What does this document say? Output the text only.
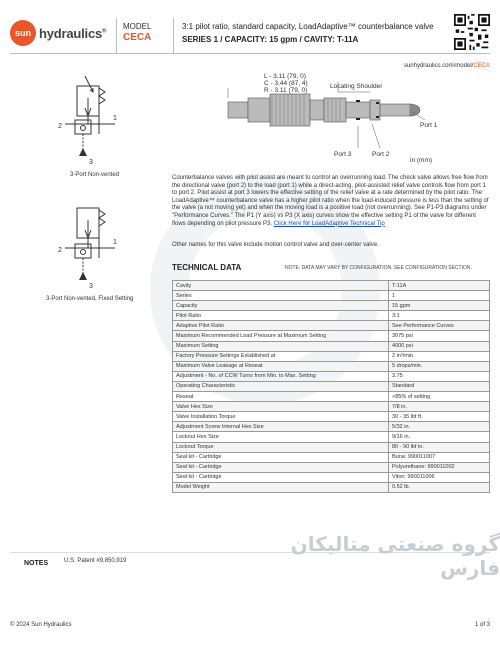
sun hydraulics®
MODEL
CECA
3:1 pilot ratio, standard capacity, LoadAdaptive™ counterbalance valve
SERIES 1 / CAPACITY: 15 gpm / CAVITY: T-11A
sunhydraulics.com/model/CECA
2
1
3
3-Port Non-vented
2
1
3
3-Port Non-vented, Fixed Setting
L - 3.11 (79, 0)
C - 3.44 (87, 4)
R - 3.11 (79, 0)
Locating Shoulder
Port 1
Port 2
Port 3
in (mm)
Counterbalance valves with pilot assist are meant to control an overrunning load. The check valve allows free flow from the directional valve (port 2) to the load (port 1) while a direct-acting, pilot-assisted relief valve controls flow from port 1 to port 2. Pilot assist at port 3 lowers the effective setting of the relief valve at a rate determined by the pilot ratio. The LoadAdaptive™ counterbalance valve has a higher pilot ratio when the load-induced pressure is less than the setting of the valve (a not moving yet) and when the moving load is a positive load (not overrunning). See P1-P3 diagrams under "Performance Curves." The P1 (Y axis) vs P3 (X axis) curves show the effective setting P1 of the valve for different flows depending on pilot pressure P3. Click Here for LoadAdaptive Technical Tip
Other names for this valve include motion control valve and over-center valve.
TECHNICAL DATA	NOTE: DATA MAY VARY BY CONFIGURATION. SEE CONFIGURATION SECTION.
Cavity	T-11A
Series	1
Capacity	15 gpm
Pilot Ratio	3:1
Adaptive Pilot Ratio	See Performance Curves
Maximum Recommended Load Pressure at Maximum Setting	3075 psi
Maximum Setting	4000 psi
Factory Pressure Settings Established at	2 in³/min.
Maximum Valve Leakage at Reseat	5 drops/min.
Adjustment - No. of CCW Turns from Min. to Max. Setting	3.75
Operating Characteristic	Standard
Reseat	>85% of setting
Valve Hex Size	7/8 in.
Valve Installation Torque	30 - 35 lbf ft.
Adjustment Screw Internal Hex Size	5/32 in.
Locknut Hex Size	9/16 in.
Locknut Torque	80 - 90 lbf in.
Seal kit - Cartridge	Buna: 990011007
Seal kit - Cartridge	Polyurethane: 990011002
Seal kit - Cartridge	Viton: 990011006
Model Weight	0.52 lb.
NOTES	U.S. Patent #9,850,919
گروه صنعتی متالیکان فارس
© 2024 Sun Hydraulics	1 of 3
